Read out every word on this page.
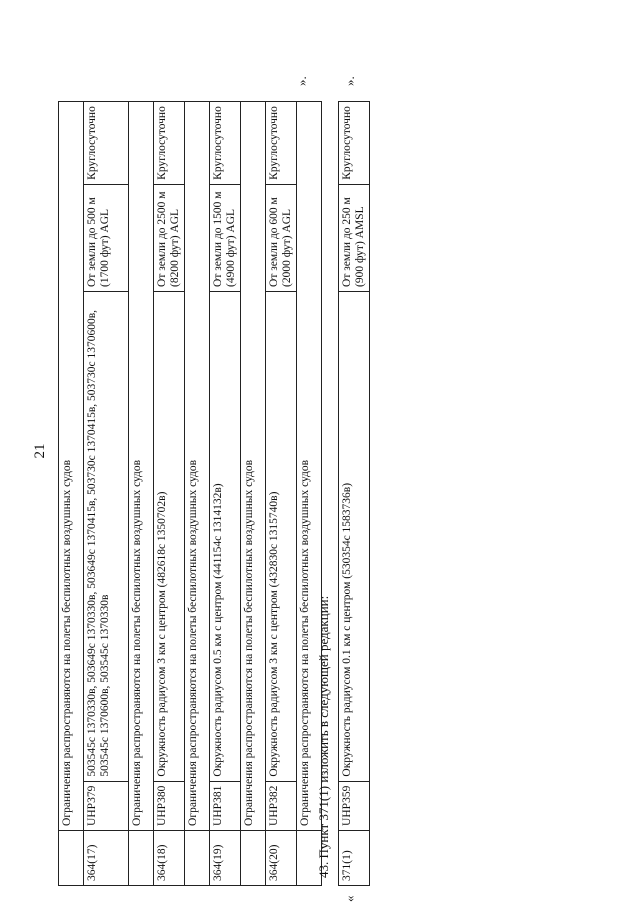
21
	Ограничения распространяются на полеты беспилотных воздушных судов			
364(17)	UHP379	503545с 1370330в, 503649с 1370330в, 503649с 1370415в, 503730с 1370415в, 503730с 1370600в, 503545с 1370600в, 503545с 1370330в	От земли до 500 м (1700 фут) AGL	Круглосуточно
	Ограничения распространяются на полеты беспилотных воздушных судов			
364(18)	UHP380	Окружность радиусом 3 км с центром (482618с 1350702в)	От земли до 2500 м (8200 фут) AGL	Круглосуточно
	Ограничения распространяются на полеты беспилотных воздушных судов			
364(19)	UHP381	Окружность радиусом 0.5 км с центром (441154с 1314132в)	От земли до 1500 м (4900 фут) AGL	Круглосуточно
	Ограничения распространяются на полеты беспилотных воздушных судов			
364(20)	UHP382	Окружность радиусом 3 км с центром (432830с 1315740в)	От земли до 600 м (2000 фут) AGL	Круглосуточно
	Ограничения распространяются на полеты беспилотных воздушных судов			
».
43. Пункт 371(1) изложить в следующей редакции:
«
371(1)	UHP359	Окружность радиусом 0.1 км с центром (530354с 1583736в)	От земли до 250 м (900 фут) AMSL	Круглосуточно
».
